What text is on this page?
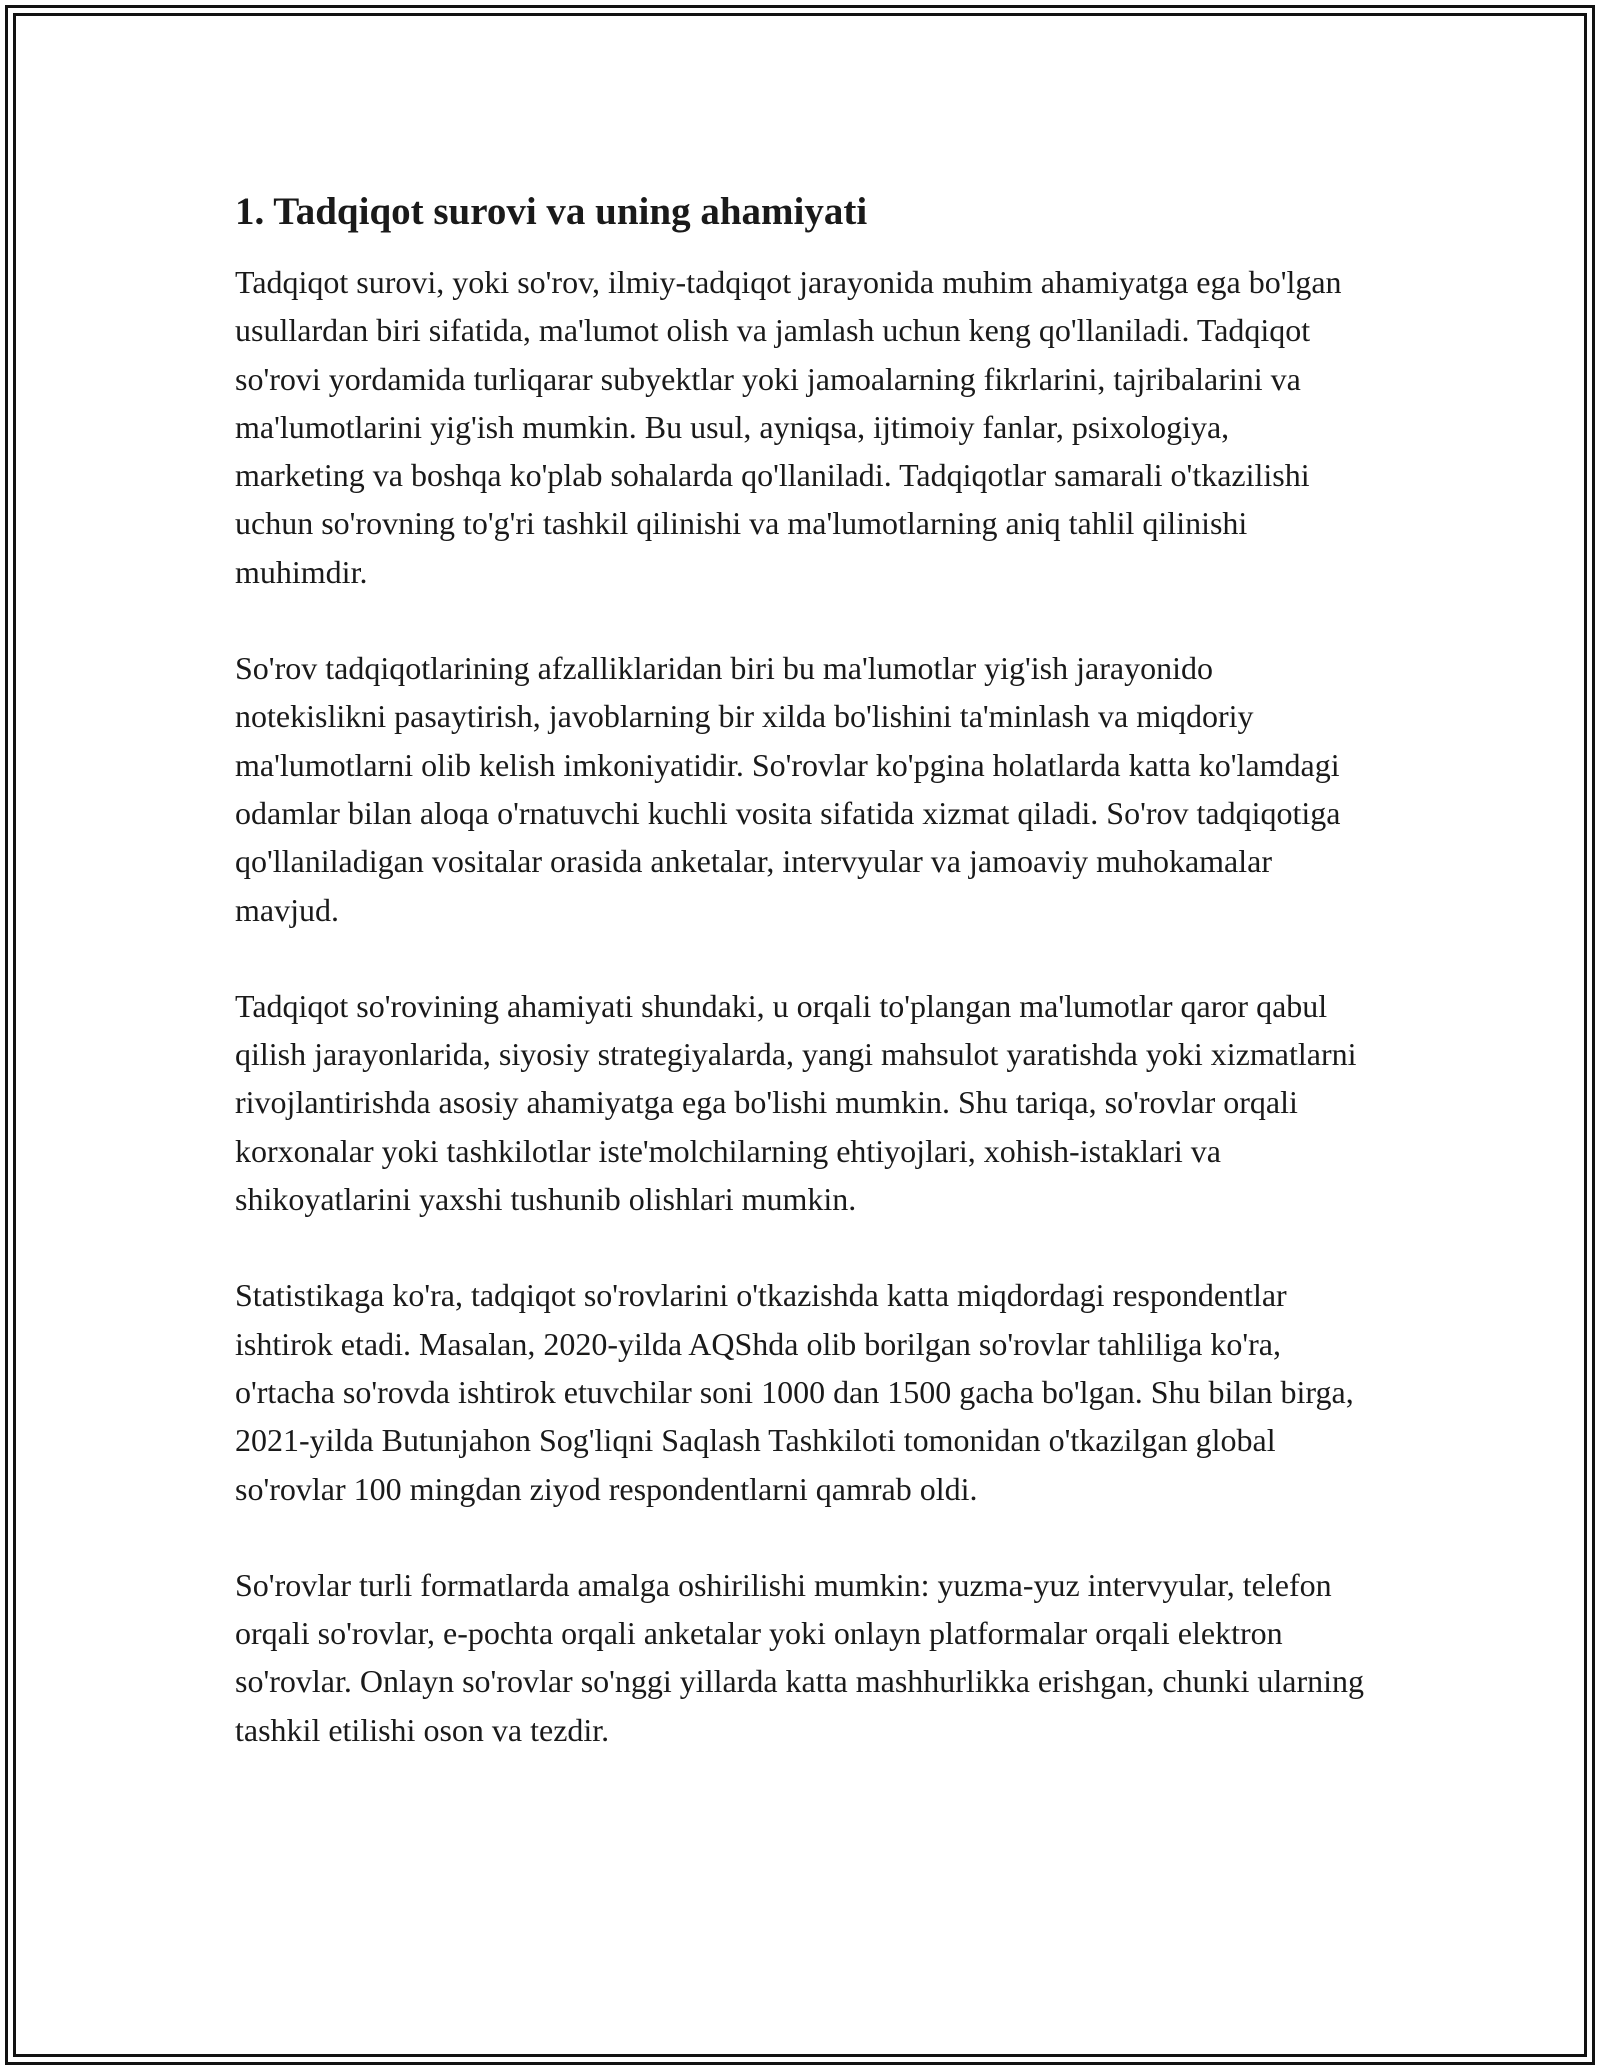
1. Tadqiqot surovi va uning ahamiyati

Tadqiqot surovi, yoki so'rov, ilmiy-tadqiqot jarayonida muhim ahamiyatga ega bo'lgan usullardan biri sifatida, ma'lumot olish va jamlash uchun keng qo'llaniladi. Tadqiqot so'rovi yordamida turliqarar subyektlar yoki jamoalarning fikrlarini, tajribalarini va ma'lumotlarini yig'ish mumkin. Bu usul, ayniqsa, ijtimoiy fanlar, psixologiya, marketing va boshqa ko'plab sohalarda qo'llaniladi. Tadqiqotlar samarali o'tkazilishi uchun so'rovning to'g'ri tashkil qilinishi va ma'lumotlarning aniq tahlil qilinishi muhimdir.

So'rov tadqiqotlarining afzalliklaridan biri bu ma'lumotlar yig'ish jarayonido notekislikni pasaytirish, javoblarning bir xilda bo'lishini ta'minlash va miqdoriy ma'lumotlarni olib kelish imkoniyatidir. So'rovlar ko'pgina holatlarda katta ko'lamdagi odamlar bilan aloqa o'rnatuvchi kuchli vosita sifatida xizmat qiladi. So'rov tadqiqotiga qo'llaniladigan vositalar orasida anketalar, intervyular va jamoaviy muhokamalar mavjud.

Tadqiqot so'rovining ahamiyati shundaki, u orqali to'plangan ma'lumotlar qaror qabul qilish jarayonlarida, siyosiy strategiyalarda, yangi mahsulot yaratishda yoki xizmatlarni rivojlantirishda asosiy ahamiyatga ega bo'lishi mumkin. Shu tariqa, so'rovlar orqali korxonalar yoki tashkilotlar iste'molchilarning ehtiyojlari, xohish-istaklari va shikoyatlarini yaxshi tushunib olishlari mumkin.

Statistikaga ko'ra, tadqiqot so'rovlarini o'tkazishda katta miqdordagi respondentlar ishtirok etadi. Masalan, 2020-yilda AQShda olib borilgan so'rovlar tahliliga ko'ra, o'rtacha so'rovda ishtirok etuvchilar soni 1000 dan 1500 gacha bo'lgan. Shu bilan birga, 2021-yilda Butunjahon Sog'liqni Saqlash Tashkiloti tomonidan o'tkazilgan global so'rovlar 100 mingdan ziyod respondentlarni qamrab oldi.

So'rovlar turli formatlarda amalga oshirilishi mumkin: yuzma-yuz intervyular, telefon orqali so'rovlar, e-pochta orqali anketalar yoki onlayn platformalar orqali elektron so'rovlar. Onlayn so'rovlar so'nggi yillarda katta mashhurlikka erishgan, chunki ularning tashkil etilishi oson va tezdir.
